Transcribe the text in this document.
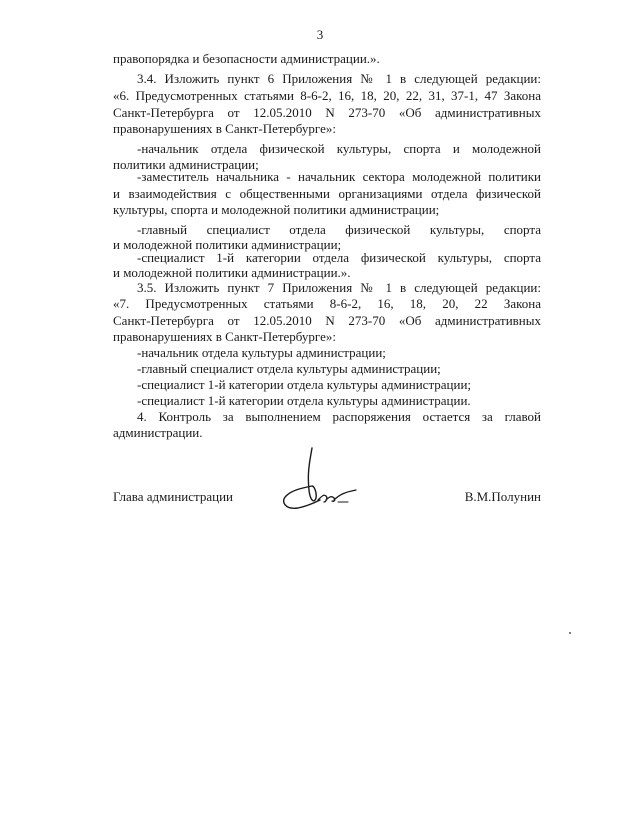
3
правопорядка и безопасности администрации.».
3.4. Изложить пункт 6 Приложения № 1 в следующей редакции:
«6. Предусмотренных статьями 8-6-2, 16, 18, 20, 22, 31, 37-1, 47 Закона
Санкт-Петербурга от 12.05.2010 N 273-70 «Об административных
правонарушениях в Санкт-Петербурге»:
-начальник отдела физической культуры, спорта и молодежной
политики администрации;
-заместитель начальника - начальник сектора молодежной политики
и взаимодействия с общественными организациями отдела физической
культуры, спорта и молодежной политики администрации;
-главный специалист отдела физической культуры, спорта
и молодежной политики администрации;
-специалист 1-й категории отдела физической культуры, спорта
и молодежной политики администрации.».
3.5. Изложить пункт 7 Приложения № 1 в следующей редакции:
«7. Предусмотренных статьями 8-6-2, 16, 18, 20, 22 Закона
Санкт-Петербурга от 12.05.2010 N 273-70 «Об административных
правонарушениях в Санкт-Петербурге»:
-начальник отдела культуры администрации;
-главный специалист отдела культуры администрации;
-специалист 1-й категории отдела культуры администрации;
-специалист 1-й категории отдела культуры администрации.
4. Контроль за выполнением распоряжения остается за главой
администрации.
Глава администрации	В.М.Полунин
